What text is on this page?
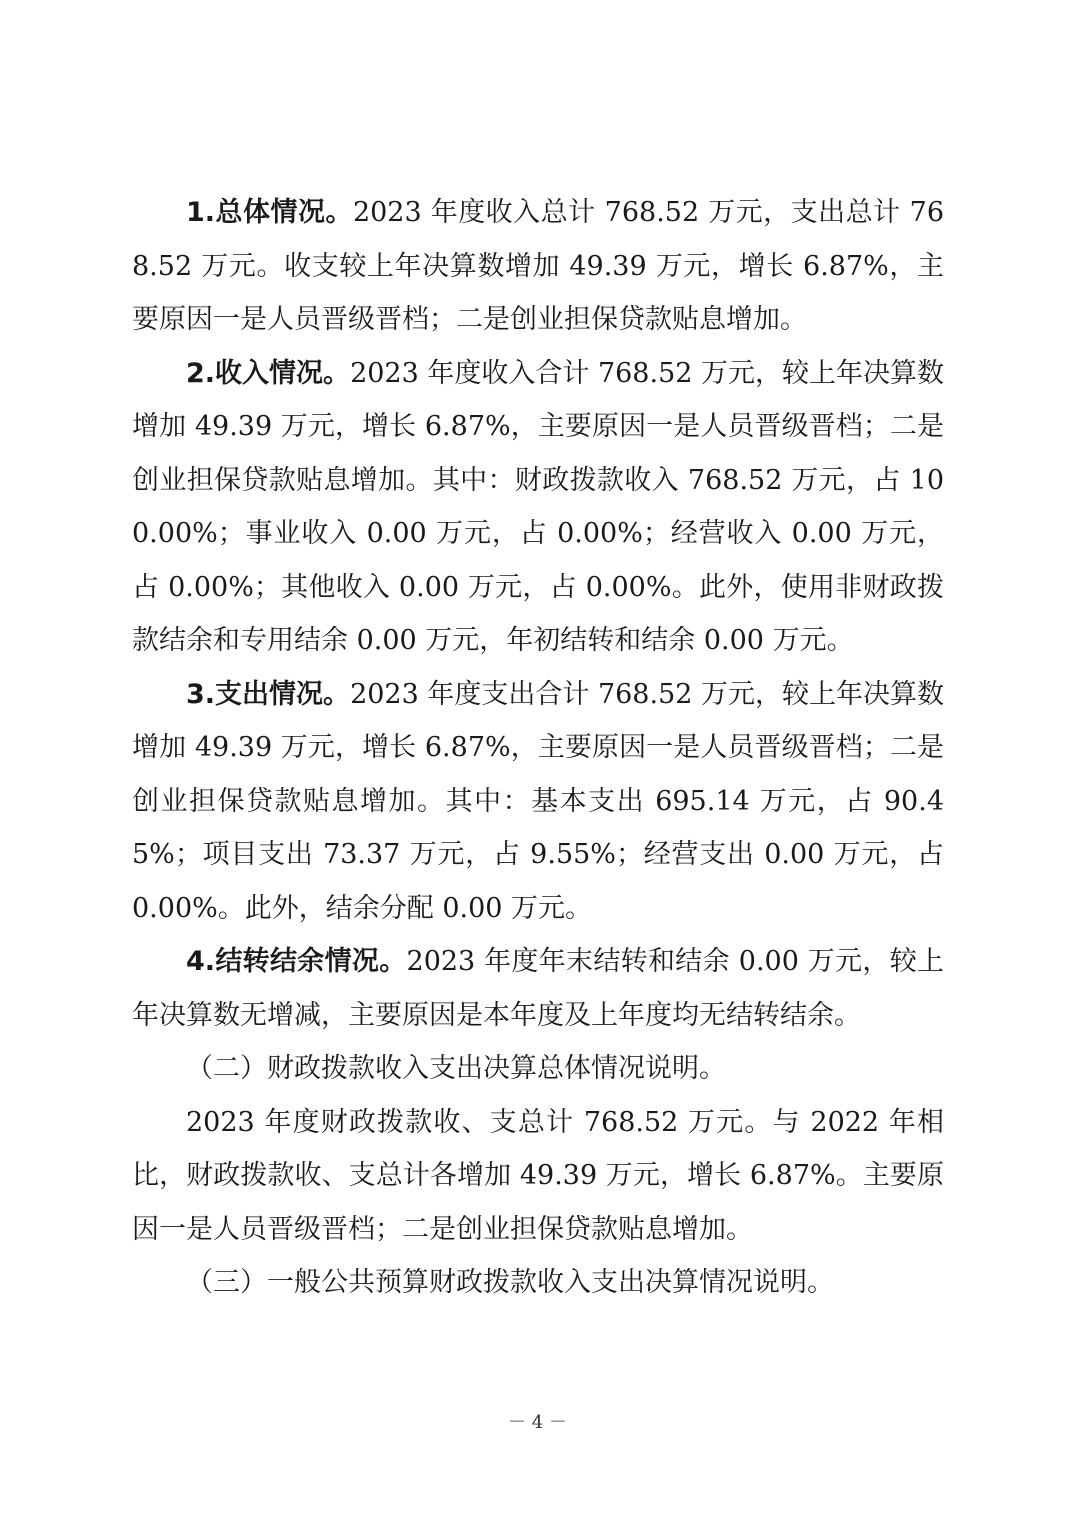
1.总体情况。2023 年度收入总计 768.52 万元，支出总计 768.52 万元。收支较上年决算数增加 49.39 万元，增长 6.87%，主要原因一是人员晋级晋档；二是创业担保贷款贴息增加。

2.收入情况。2023 年度收入合计 768.52 万元，较上年决算数增加 49.39 万元，增长 6.87%，主要原因一是人员晋级晋档；二是创业担保贷款贴息增加。其中：财政拨款收入 768.52 万元，占 100.00%；事业收入 0.00 万元，占 0.00%；经营收入 0.00 万元，占 0.00%；其他收入 0.00 万元，占 0.00%。此外，使用非财政拨款结余和专用结余 0.00 万元，年初结转和结余 0.00 万元。

3.支出情况。2023 年度支出合计 768.52 万元，较上年决算数增加 49.39 万元，增长 6.87%，主要原因一是人员晋级晋档；二是创业担保贷款贴息增加。其中：基本支出 695.14 万元，占 90.45%；项目支出 73.37 万元，占 9.55%；经营支出 0.00 万元，占 0.00%。此外，结余分配 0.00 万元。

4.结转结余情况。2023 年度年末结转和结余 0.00 万元，较上年决算数无增减，主要原因是本年度及上年度均无结转结余。

（二）财政拨款收入支出决算总体情况说明。

2023 年度财政拨款收、支总计 768.52 万元。与 2022 年相比，财政拨款收、支总计各增加 49.39 万元，增长 6.87%。主要原因一是人员晋级晋档；二是创业担保贷款贴息增加。

（三）一般公共预算财政拨款收入支出决算情况说明。

－ 4 －
